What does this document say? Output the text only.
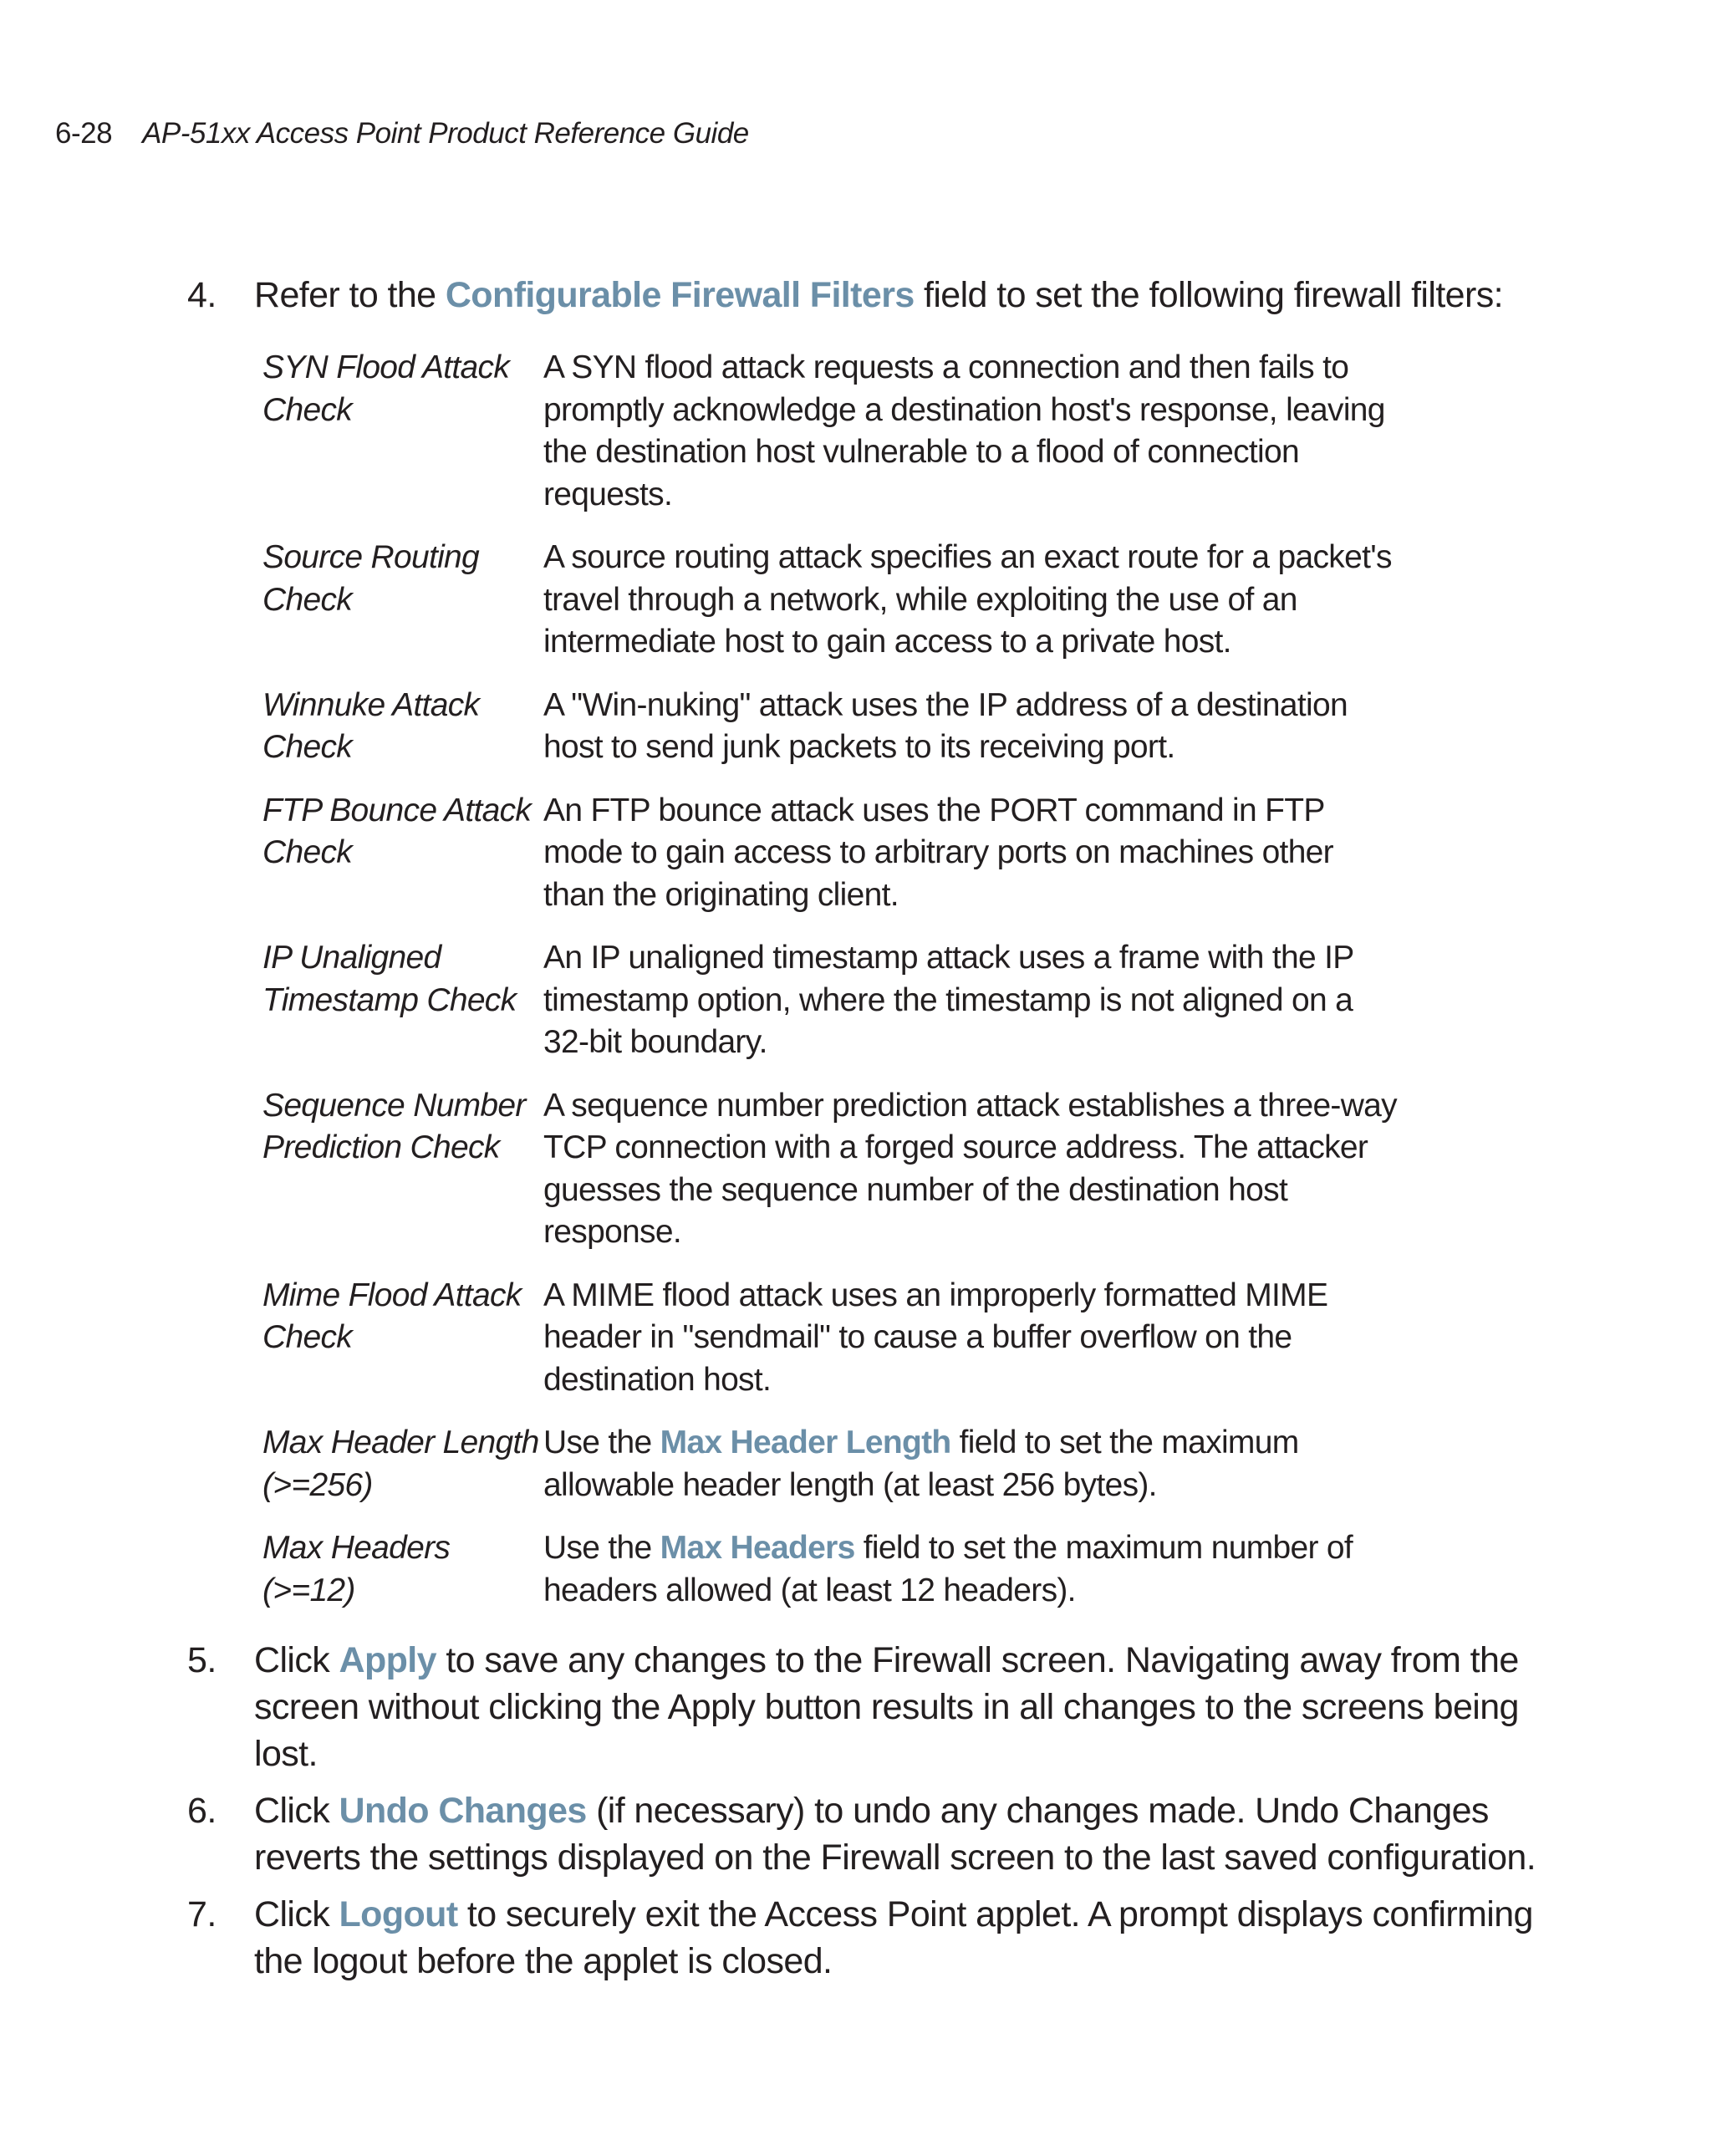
6-28 AP-51xx Access Point Product Reference Guide
4. Refer to the Configurable Firewall Filters field to set the following firewall filters:
SYN Flood Attack Check
A SYN flood attack requests a connection and then fails to promptly acknowledge a destination host's response, leaving the destination host vulnerable to a flood of connection requests.
Source Routing Check
A source routing attack specifies an exact route for a packet's travel through a network, while exploiting the use of an intermediate host to gain access to a private host.
Winnuke Attack Check
A "Win-nuking" attack uses the IP address of a destination host to send junk packets to its receiving port.
FTP Bounce Attack Check
An FTP bounce attack uses the PORT command in FTP mode to gain access to arbitrary ports on machines other than the originating client.
IP Unaligned Timestamp Check
An IP unaligned timestamp attack uses a frame with the IP timestamp option, where the timestamp is not aligned on a 32-bit boundary.
Sequence Number Prediction Check
A sequence number prediction attack establishes a three-way TCP connection with a forged source address. The attacker guesses the sequence number of the destination host response.
Mime Flood Attack Check
A MIME flood attack uses an improperly formatted MIME header in "sendmail" to cause a buffer overflow on the destination host.
Max Header Length (>=256)
Use the Max Header Length field to set the maximum allowable header length (at least 256 bytes).
Max Headers (>=12)
Use the Max Headers field to set the maximum number of headers allowed (at least 12 headers).
5. Click Apply to save any changes to the Firewall screen. Navigating away from the screen without clicking the Apply button results in all changes to the screens being lost.
6. Click Undo Changes (if necessary) to undo any changes made. Undo Changes reverts the settings displayed on the Firewall screen to the last saved configuration.
7. Click Logout to securely exit the Access Point applet. A prompt displays confirming the logout before the applet is closed.
